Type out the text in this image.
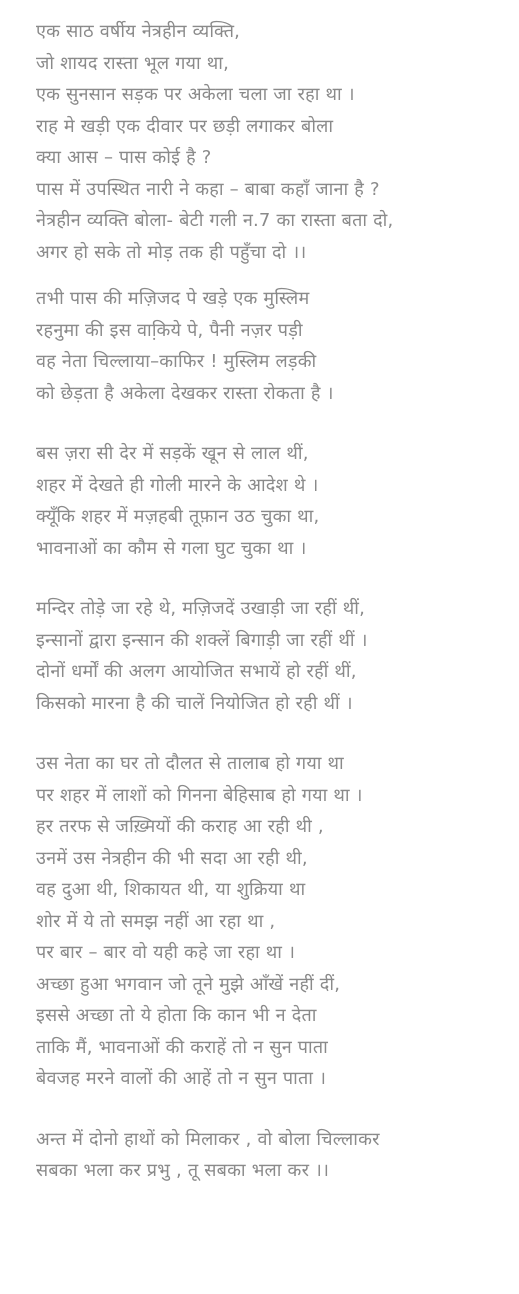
एक साठ वर्षीय नेत्रहीन व्यक्ति,
जो शायद रास्ता भूल गया था,
एक सुनसान सड़क पर अकेला चला जा रहा था ।
राह मे खड़ी एक दीवार पर छड़ी लगाकर बोला
क्या आस – पास कोई है ?
पास में उपस्थित नारी ने कहा – बाबा कहाँ जाना है ?
नेत्रहीन व्यक्ति बोला- बेटी गली न.7 का रास्ता बता दो,
अगर हो सके तो मोड़ तक ही पहुँचा दो ।।
तभी पास की मज़िजद पे खड़े एक मुस्लिम
रहनुमा की इस वाकि़ये पे, पैनी नज़र पड़ी
वह नेता चिल्लाया–काफिर ! मुस्लिम लड़की
को छेड़ता है अकेला देखकर रास्ता रोकता है ।
बस ज़रा सी देर में सड़कें खून से लाल थीं,
शहर में देखते ही गोली मारने के आदेश थे ।
क्यूँकि शहर में मज़हबी तूफ़ान उठ चुका था,
भावनाओं का कौम से गला घुट चुका था ।
मन्दिर तोड़े जा रहे थे, मज़िजदें उखाड़ी जा रहीं थीं,
इन्सानों द्वारा इन्सान की शक्लें बिगाड़ी जा रहीं थीं ।
दोनों धर्मों की अलग आयोजित सभायें हो रहीं थीं,
किसको मारना है की चालें नियोजित हो रही थीं ।
उस नेता का घर तो दौलत से तालाब हो गया था
पर शहर में लाशों को गिनना बेहिसाब हो गया था ।
हर तरफ से जख़्मियों की कराह आ रही थी ,
उनमें उस नेत्रहीन की भी सदा आ रही थी,
वह दुआ थी, शिकायत थी, या शुक्रिया था
शोर में ये तो समझ नहीं आ रहा था ,
पर बार – बार वो यही कहे जा रहा था ।
अच्छा हुआ भगवान जो तूने मुझे आँखें नहीं दीं,
इससे अच्छा तो ये होता कि कान भी न देता
ताकि मैं, भावनाओं की कराहें तो न सुन पाता
बेवजह मरने वालों की आहें तो न सुन पाता ।
अन्त में दोनो हाथों को मिलाकर , वो बोला चिल्लाकर
सबका भला कर प्रभु , तू सबका भला कर ।।
